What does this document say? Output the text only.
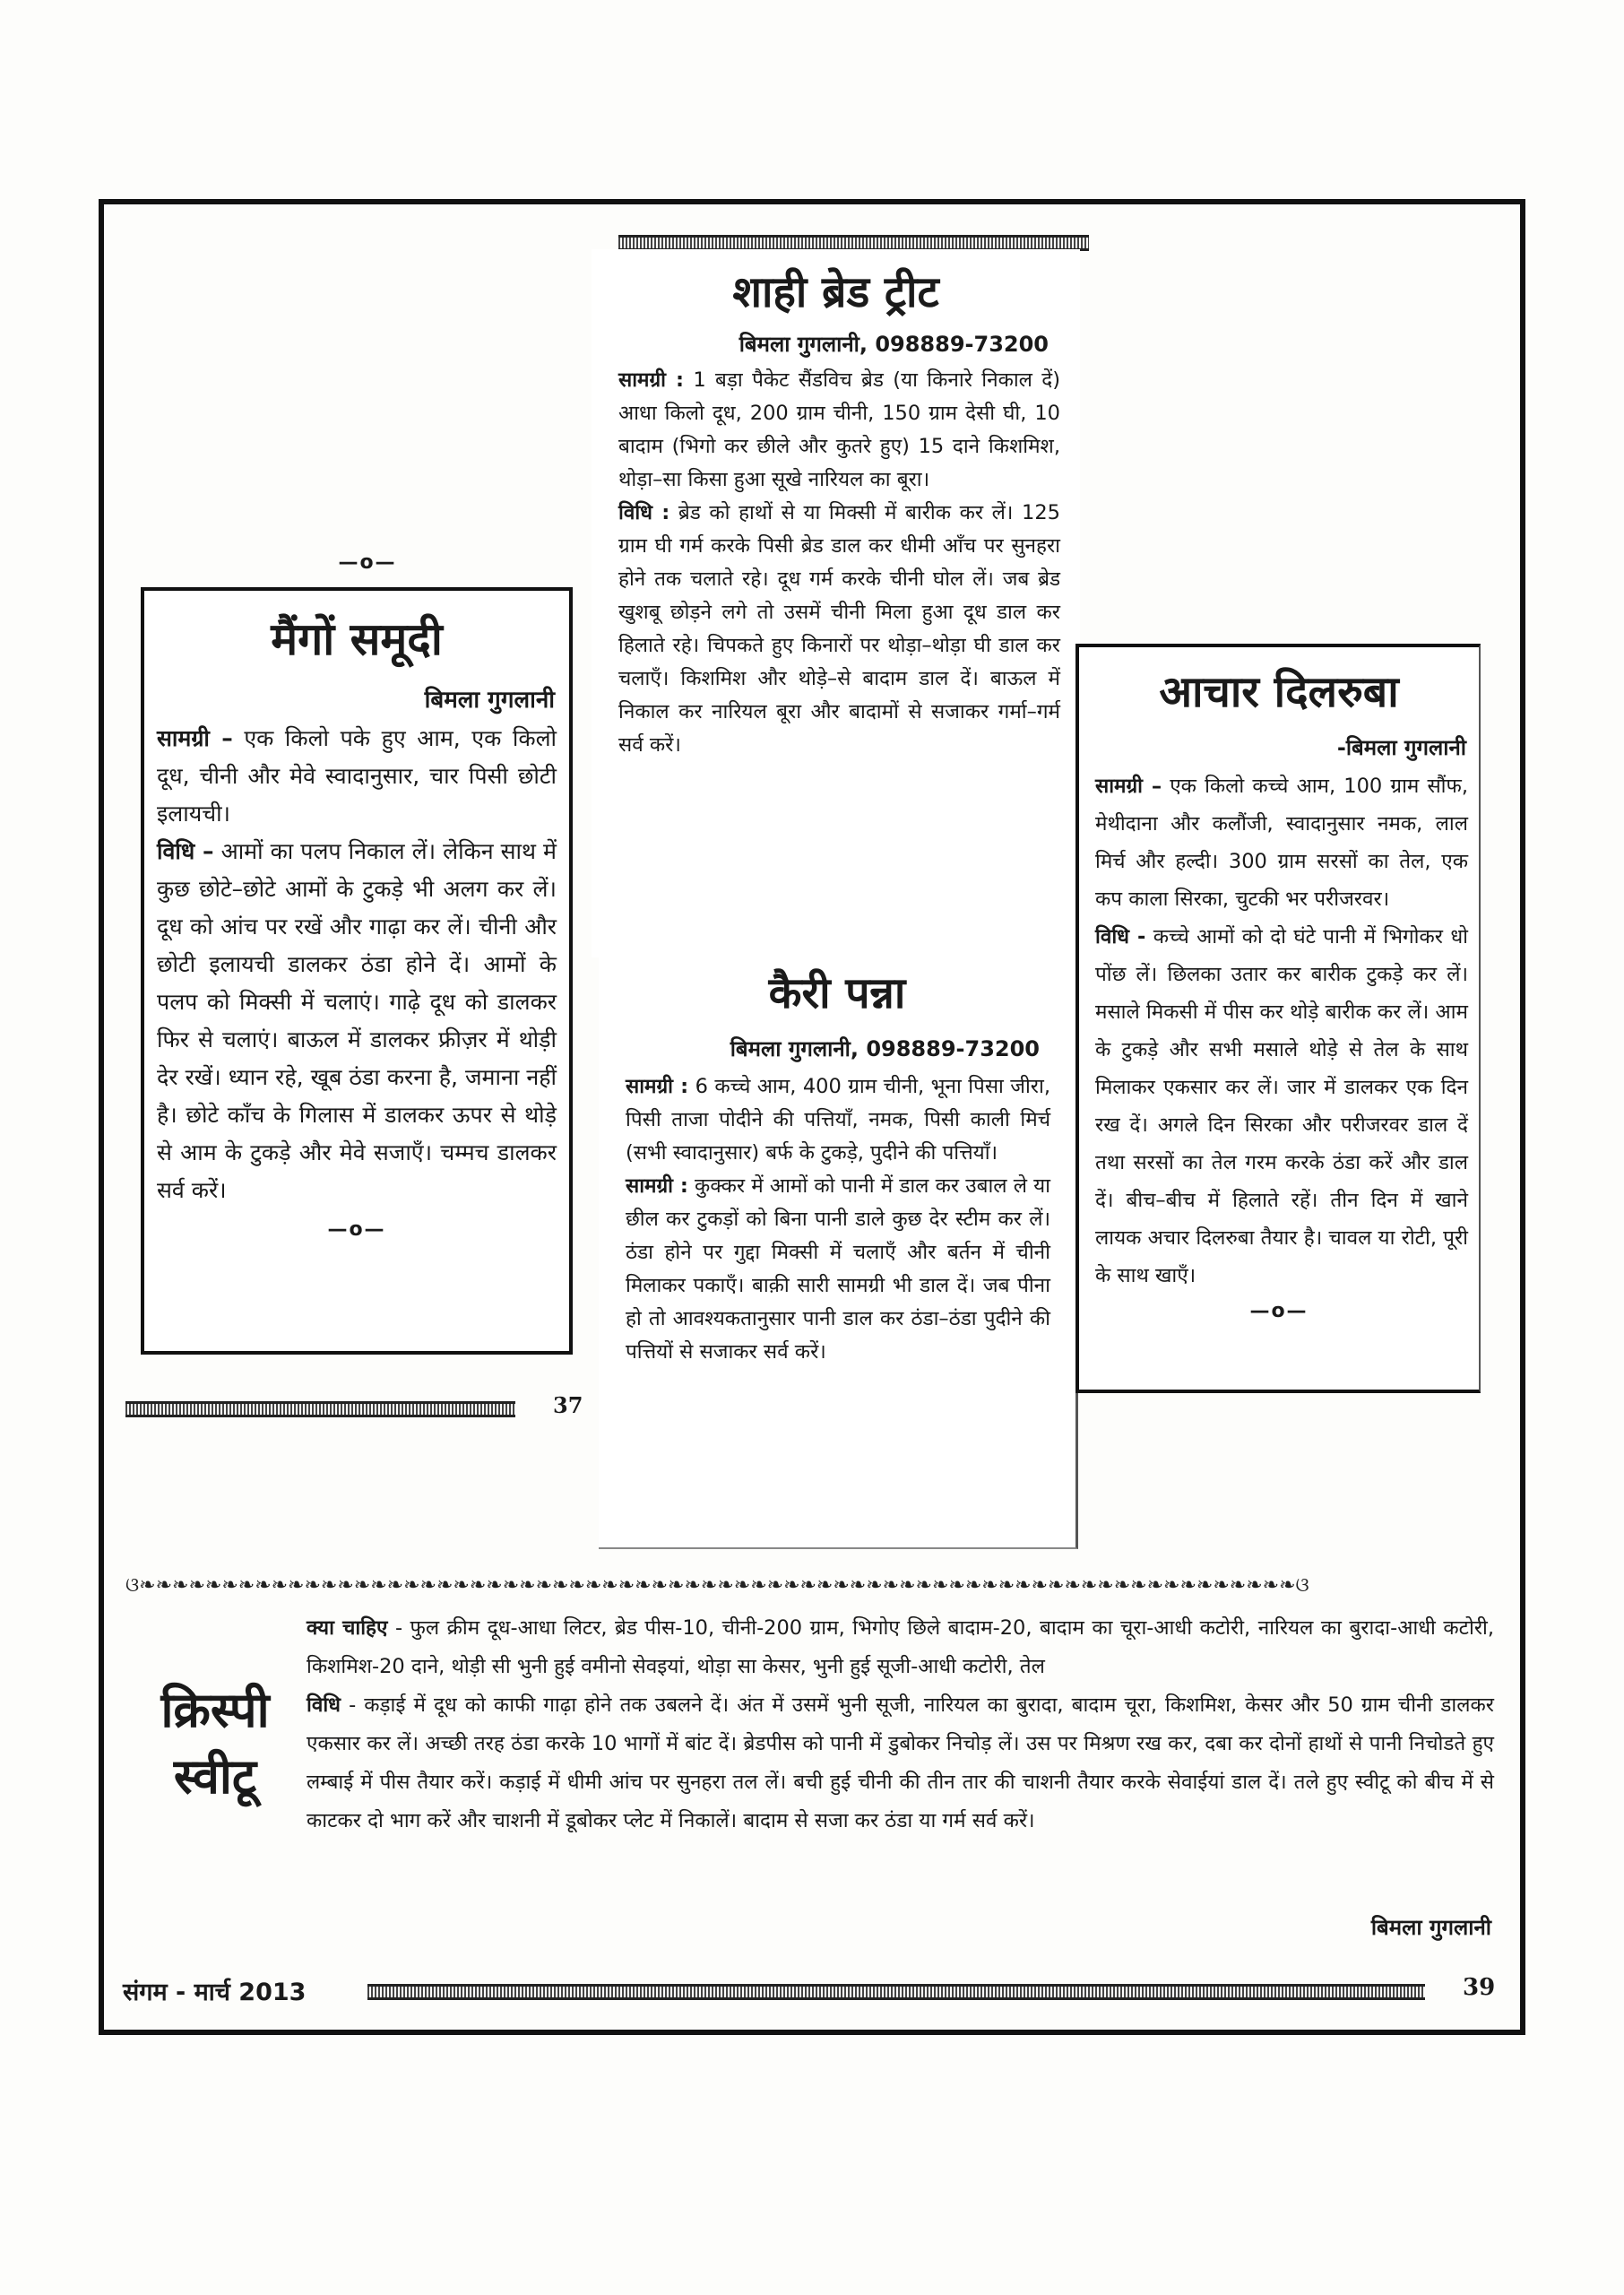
शाही ब्रेड ट्रीट
बिमला गुगलानी, 098889-73200

सामग्री : 1 बड़ा पैकेट सैंडविच ब्रेड (या किनारे निकाल दें) आधा किलो दूध, 200 ग्राम चीनी, 150 ग्राम देसी घी, 10 बादाम (भिगो कर छीले और कुतरे हुए) 15 दाने किशमिश, थोड़ा–सा किसा हुआ सूखे नारियल का बूरा।

विधि : ब्रेड को हाथों से या मिक्सी में बारीक कर लें। 125 ग्राम घी गर्म करके पिसी ब्रेड डाल कर धीमी आँच पर सुनहरा होने तक चलाते रहे। दूध गर्म करके चीनी घोल लें। जब ब्रेड खुशबू छोड़ने लगे तो उसमें चीनी मिला हुआ दूध डाल कर हिलाते रहे। चिपकते हुए किनारों पर थोड़ा–थोड़ा घी डाल कर चलाएँ। किशमिश और थोड़े–से बादाम डाल दें। बाऊल में निकाल कर नारियल बूरा और बादामों से सजाकर गर्मा–गर्म सर्व करें।

कैरी पन्ना
बिमला गुगलानी, 098889-73200

सामग्री : 6 कच्चे आम, 400 ग्राम चीनी, भूना पिसा जीरा, पिसी ताजा पोदीने की पत्तियाँ, नमक, पिसी काली मिर्च (सभी स्वादानुसार) बर्फ के टुकड़े, पुदीने की पत्तियाँ।

सामग्री : कुक्कर में आमों को पानी में डाल कर उबाल ले या छील कर टुकड़ों को बिना पानी डाले कुछ देर स्टीम कर लें। ठंडा होने पर गुद्दा मिक्सी में चलाएँ और बर्तन में चीनी मिलाकर पकाएँ। बाक़ी सारी सामग्री भी डाल दें। जब पीना हो तो आवश्यकतानुसार पानी डाल कर ठंडा–ठंडा पुदीने की पत्तियों से सजाकर सर्व करें।

—o—
मैंगों समूदी
बिमला गुगलानी

सामग्री – एक किलो पके हुए आम, एक किलो दूध, चीनी और मेवे स्वादानुसार, चार पिसी छोटी इलायची।

विधि – आमों का पलप निकाल लें। लेकिन साथ में कुछ छोटे–छोटे आमों के टुकड़े भी अलग कर लें। दूध को आंच पर रखें और गाढ़ा कर लें। चीनी और छोटी इलायची डालकर ठंडा होने दें। आमों के पलप को मिक्सी में चलाएं। गाढ़े दूध को डालकर फिर से चलाएं। बाऊल में डालकर फ्रीज़र में थोड़ी देर रखें। ध्यान रहे, खूब ठंडा करना है, जमाना नहीं है। छोटे काँच के गिलास में डालकर ऊपर से थोड़े से आम के टुकड़े और मेवे सजाएँ। चम्मच डालकर सर्व करें।

—o—
37
आचार दिलरुबा
-बिमला गुगलानी

सामग्री – एक किलो कच्चे आम, 100 ग्राम सौंफ, मेथीदाना और कलौंजी, स्वादानुसार नमक, लाल मिर्च और हल्दी। 300 ग्राम सरसों का तेल, एक कप काला सिरका, चुटकी भर परीजरवर।

विधि - कच्चे आमों को दो घंटे पानी में भिगोकर धो पोंछ लें। छिलका उतार कर बारीक टुकड़े कर लें। मसाले मिकसी में पीस कर थोड़े बारीक कर लें। आम के टुकड़े और सभी मसाले थोड़े से तेल के साथ मिलाकर एकसार कर लें। जार में डालकर एक दिन रख दें। अगले दिन सिरका और परीजरवर डाल दें तथा सरसों का तेल गरम करके ठंडा करें और डाल दें। बीच–बीच में हिलाते रहें। तीन दिन में खाने लायक अचार दिलरुबा तैयार है। चावल या रोटी, पूरी के साथ खाएँ।

—o—
ଓ❧❧❧❧❧❧❧❧❧❧❧❧❧❧❧❧❧❧❧❧❧❧❧❧❧❧❧❧❧❧❧❧❧❧❧❧❧❧❧❧❧❧❧❧❧❧❧❧❧❧❧❧❧❧❧❧❧❧❧❧❧❧❧❧❧❧❧❧❧❧ଓ
क्रिस्पी
स्वीटू

क्या चाहिए - फुल क्रीम दूध-आधा लिटर, ब्रेड पीस-10, चीनी-200 ग्राम, भिगोए छिले बादाम-20, बादाम का चूरा-आधी कटोरी, नारियल का बुरादा-आधी कटोरी, किशमिश-20 दाने, थोड़ी सी भुनी हुई वमीनो सेवइयां, थोड़ा सा केसर, भुनी हुई सूजी-आधी कटोरी, तेल

विधि - कड़ाई में दूध को काफी गाढ़ा होने तक उबलने दें। अंत में उसमें भुनी सूजी, नारियल का बुरादा, बादाम चूरा, किशमिश, केसर और 50 ग्राम चीनी डालकर एकसार कर लें। अच्छी तरह ठंडा करके 10 भागों में बांट दें। ब्रेडपीस को पानी में डुबोकर निचोड़ लें। उस पर मिश्रण रख कर, दबा कर दोनों हाथों से पानी निचोडते हुए लम्बाई में पीस तैयार करें। कड़ाई में धीमी आंच पर सुनहरा तल लें। बची हुई चीनी की तीन तार की चाशनी तैयार करके सेवाईयां डाल दें। तले हुए स्वीटू को बीच में से काटकर दो भाग करें और चाशनी में डूबोकर प्लेट में निकालें। बादाम से सजा कर ठंडा या गर्म सर्व करें।

बिमला गुगलानी
संगम - मार्च 2013	39
